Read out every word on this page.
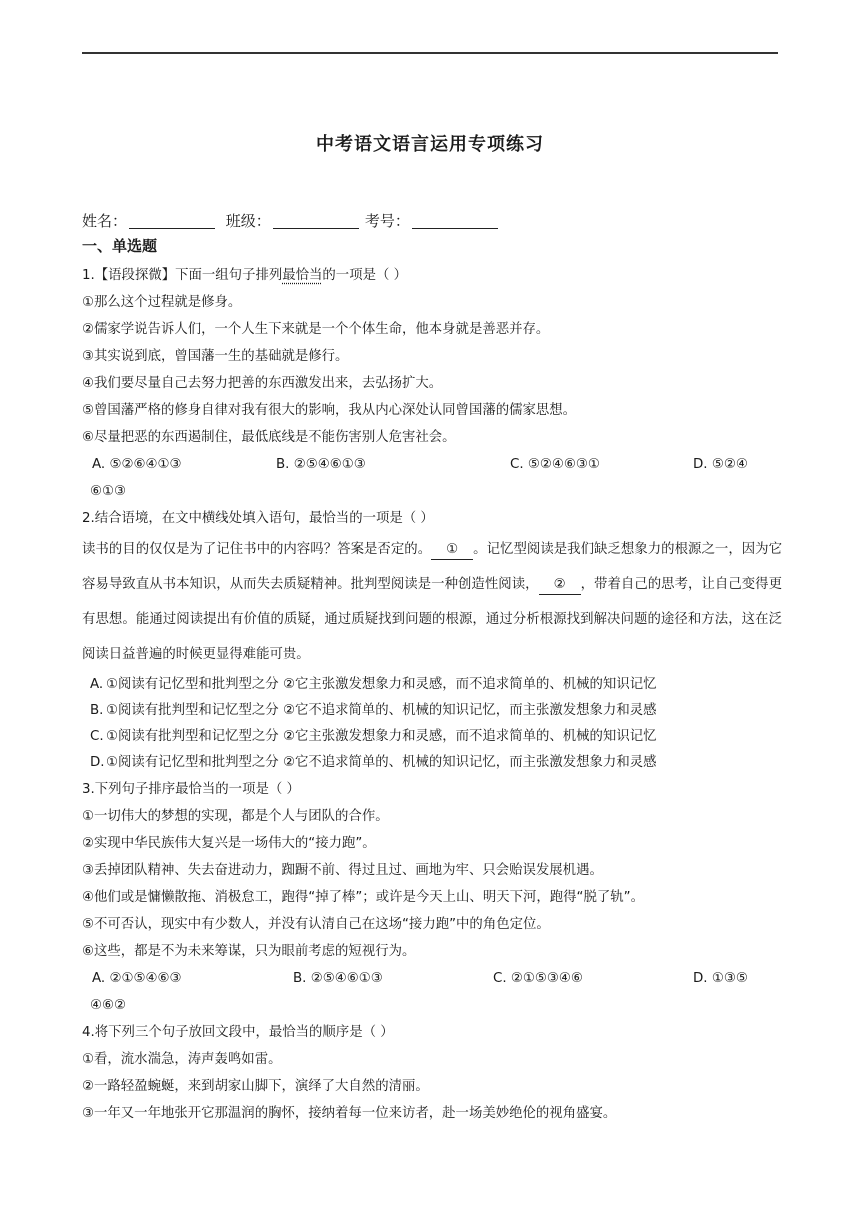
中考语文语言运用专项练习
姓名：	班级：	考号：
一、单选题
1.【语段探微】下面一组句子排列最恰当的一项是（ ）
①那么这个过程就是修身。
②儒家学说告诉人们，一个人生下来就是一个个体生命，他本身就是善恶并存。
③其实说到底，曾国藩一生的基础就是修行。
④我们要尽量自己去努力把善的东西激发出来，去弘扬扩大。
⑤曾国藩严格的修身自律对我有很大的影响，我从内心深处认同曾国藩的儒家思想。
⑥尽量把恶的东西遏制住，最低底线是不能伤害别人危害社会。
A. ⑤②⑥④①③	B. ②⑤④⑥①③	C. ⑤②④⑥③①	D. ⑤②④
⑥①③
2.结合语境，在文中横线处填入语句，最恰当的一项是（ ）
读书的目的仅仅是为了记住书中的内容吗？答案是否定的。 ① 。记忆型阅读是我们缺乏想象力的根源之一，因为它容易导致直从书本知识，从而失去质疑精神。批判型阅读是一种创造性阅读， ② ，带着自己的思考，让自己变得更有思想。能通过阅读提出有价值的质疑，通过质疑找到问题的根源，通过分析根源找到解决问题的途径和方法，这在泛阅读日益普遍的时候更显得难能可贵。
A. ①阅读有记忆型和批判型之分 ②它主张激发想象力和灵感，而不追求简单的、机械的知识记忆
B. ①阅读有批判型和记忆型之分 ②它不追求简单的、机械的知识记忆，而主张激发想象力和灵感
C. ①阅读有批判型和记忆型之分 ②它主张激发想象力和灵感，而不追求简单的、机械的知识记忆
D.①阅读有记忆型和批判型之分 ②它不追求简单的、机械的知识记忆，而主张激发想象力和灵感
3.下列句子排序最恰当的一项是（ ）
①一切伟大的梦想的实现，都是个人与团队的合作。
②实现中华民族伟大复兴是一场伟大的“接力跑”。
③丢掉团队精神、失去奋进动力，踟蹰不前、得过且过、画地为牢、只会贻误发展机遇。
④他们或是慵懒散拖、消极怠工，跑得“掉了棒”；或许是今天上山、明天下河，跑得“脱了轨”。
⑤不可否认，现实中有少数人，并没有认清自己在这场“接力跑”中的角色定位。
⑥这些，都是不为未来筹谋，只为眼前考虑的短视行为。
A. ②①⑤④⑥③	B. ②⑤④⑥①③	C. ②①⑤③④⑥	D. ①③⑤
④⑥②
4.将下列三个句子放回文段中，最恰当的顺序是（ ）
①看，流水湍急，涛声轰鸣如雷。
②一路轻盈蜿蜒，来到胡家山脚下，演绎了大自然的清丽。
③一年又一年地张开它那温润的胸怀，接纳着每一位来访者，赴一场美妙绝伦的视角盛宴。
